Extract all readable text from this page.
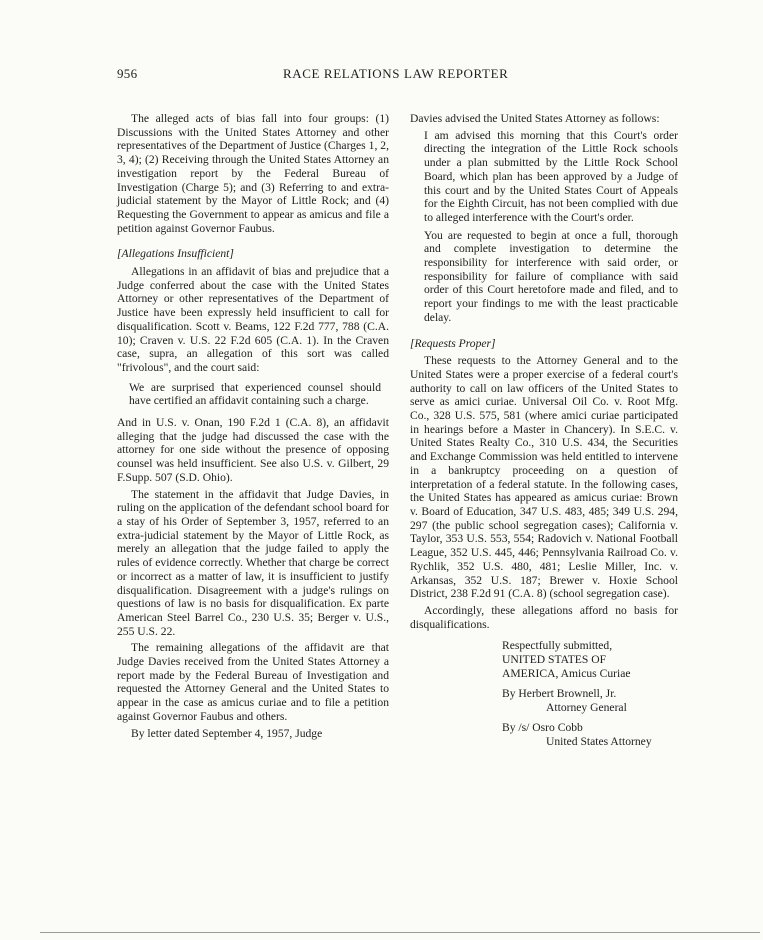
956	RACE RELATIONS LAW REPORTER

The alleged acts of bias fall into four groups: (1) Discussions with the United States Attorney and other representatives of the Department of Justice (Charges 1, 2, 3, 4); (2) Receiving through the United States Attorney an investigation report by the Federal Bureau of Investigation (Charge 5); and (3) Referring to and extra-judicial statement by the Mayor of Little Rock; and (4) Requesting the Government to appear as amicus and file a petition against Governor Faubus.

[Allegations Insufficient]

Allegations in an affidavit of bias and prejudice that a Judge conferred about the case with the United States Attorney or other representatives of the Department of Justice have been expressly held insufficient to call for disqualification. Scott v. Beams, 122 F.2d 777, 788 (C.A. 10); Craven v. U.S. 22 F.2d 605 (C.A. 1). In the Craven case, supra, an allegation of this sort was called "frivolous", and the court said:

We are surprised that experienced counsel should have certified an affidavit containing such a charge.

And in U.S. v. Onan, 190 F.2d 1 (C.A. 8), an affidavit alleging that the judge had discussed the case with the attorney for one side without the presence of opposing counsel was held insufficient. See also U.S. v. Gilbert, 29 F.Supp. 507 (S.D. Ohio).

The statement in the affidavit that Judge Davies, in ruling on the application of the defendant school board for a stay of his Order of September 3, 1957, referred to an extra-judicial statement by the Mayor of Little Rock, as merely an allegation that the judge failed to apply the rules of evidence correctly. Whether that charge be correct or incorrect as a matter of law, it is insufficient to justify disqualification. Disagreement with a judge's rulings on questions of law is no basis for disqualification. Ex parte American Steel Barrel Co., 230 U.S. 35; Berger v. U.S., 255 U.S. 22.

The remaining allegations of the affidavit are that Judge Davies received from the United States Attorney a report made by the Federal Bureau of Investigation and requested the Attorney General and the United States to appear in the case as amicus curiae and to file a petition against Governor Faubus and others.

By letter dated September 4, 1957, Judge

Davies advised the United States Attorney as follows:

I am advised this morning that this Court's order directing the integration of the Little Rock schools under a plan submitted by the Little Rock School Board, which plan has been approved by a Judge of this court and by the United States Court of Appeals for the Eighth Circuit, has not been complied with due to alleged interference with the Court's order.

You are requested to begin at once a full, thorough and complete investigation to determine the responsibility for interference with said order, or responsibility for failure of compliance with said order of this Court heretofore made and filed, and to report your findings to me with the least practicable delay.

[Requests Proper]

These requests to the Attorney General and to the United States were a proper exercise of a federal court's authority to call on law officers of the United States to serve as amici curiae. Universal Oil Co. v. Root Mfg. Co., 328 U.S. 575, 581 (where amici curiae participated in hearings before a Master in Chancery). In S.E.C. v. United States Realty Co., 310 U.S. 434, the Securities and Exchange Commission was held entitled to intervene in a bankruptcy proceeding on a question of interpretation of a federal statute. In the following cases, the United States has appeared as amicus curiae: Brown v. Board of Education, 347 U.S. 483, 485; 349 U.S. 294, 297 (the public school segregation cases); California v. Taylor, 353 U.S. 553, 554; Radovich v. National Football League, 352 U.S. 445, 446; Pennsylvania Railroad Co. v. Rychlik, 352 U.S. 480, 481; Leslie Miller, Inc. v. Arkansas, 352 U.S. 187; Brewer v. Hoxie School District, 238 F.2d 91 (C.A. 8) (school segregation case).

Accordingly, these allegations afford no basis for disqualifications.

Respectfully submitted,
UNITED STATES OF
AMERICA, Amicus Curiae
By Herbert Brownell, Jr.
Attorney General
By /s/ Osro Cobb
United States Attorney
